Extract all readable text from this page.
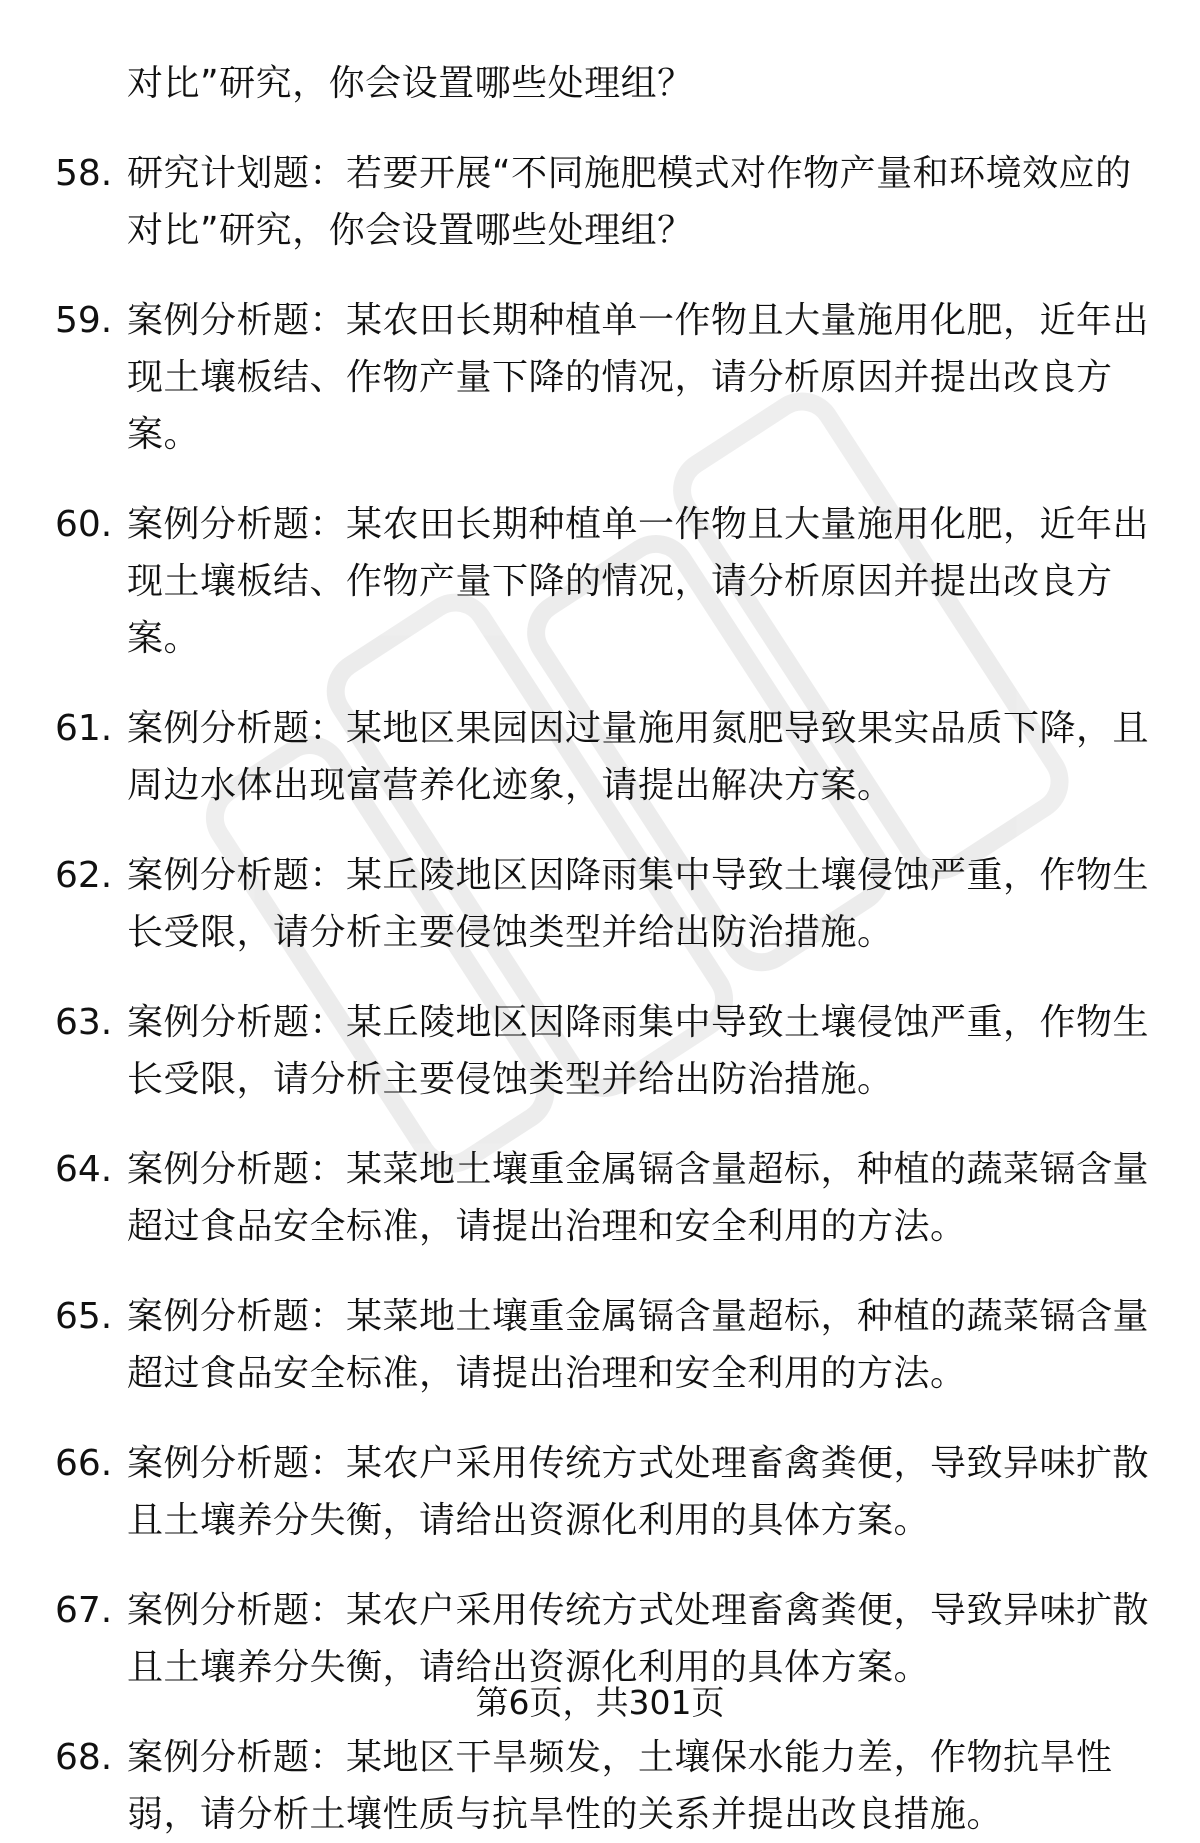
对比”研究，你会设置哪些处理组？
58. 研究计划题：若要开展“不同施肥模式对作物产量和环境效应的
对比”研究，你会设置哪些处理组？
59. 案例分析题：某农田长期种植单一作物且大量施用化肥，近年出
现土壤板结、作物产量下降的情况，请分析原因并提出改良方
案。
60. 案例分析题：某农田长期种植单一作物且大量施用化肥，近年出
现土壤板结、作物产量下降的情况，请分析原因并提出改良方
案。
61. 案例分析题：某地区果园因过量施用氮肥导致果实品质下降，且
周边水体出现富营养化迹象，请提出解决方案。
62. 案例分析题：某丘陵地区因降雨集中导致土壤侵蚀严重，作物生
长受限，请分析主要侵蚀类型并给出防治措施。
63. 案例分析题：某丘陵地区因降雨集中导致土壤侵蚀严重，作物生
长受限，请分析主要侵蚀类型并给出防治措施。
64. 案例分析题：某菜地土壤重金属镉含量超标，种植的蔬菜镉含量
超过食品安全标准，请提出治理和安全利用的方法。
65. 案例分析题：某菜地土壤重金属镉含量超标，种植的蔬菜镉含量
超过食品安全标准，请提出治理和安全利用的方法。
66. 案例分析题：某农户采用传统方式处理畜禽粪便，导致异味扩散
且土壤养分失衡，请给出资源化利用的具体方案。
67. 案例分析题：某农户采用传统方式处理畜禽粪便，导致异味扩散
且土壤养分失衡，请给出资源化利用的具体方案。
68. 案例分析题：某地区干旱频发，土壤保水能力差，作物抗旱性
弱，请分析土壤性质与抗旱性的关系并提出改良措施。
第6页，共301页
